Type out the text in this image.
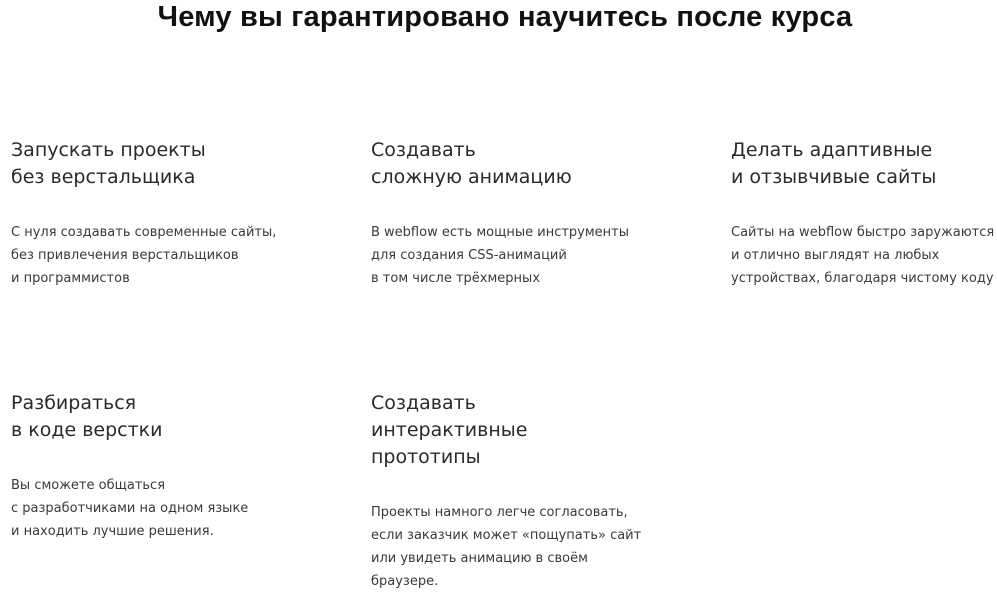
Чему вы гарантировано научитесь после курса
Запускать проекты
без верстальщика

С нуля создавать современные сайты,
без привлечения верстальщиков
и программистов

Создавать
сложную анимацию

В webflow есть мощные инструменты
для создания CSS-анимаций
в том числе трёхмерных

Делать адаптивные
и отзывчивые сайты

Сайты на webflow быстро заружаются
и отлично выглядят на любых
устройствах, благодаря чистому коду

Разбираться
в коде верстки

Вы сможете общаться
с разработчиками на одном языке
и находить лучшие решения.

Создавать
интерактивные
прототипы

Проекты намного легче согласовать,
если заказчик может «пощупать» сайт
или увидеть анимацию в своём
браузере.
